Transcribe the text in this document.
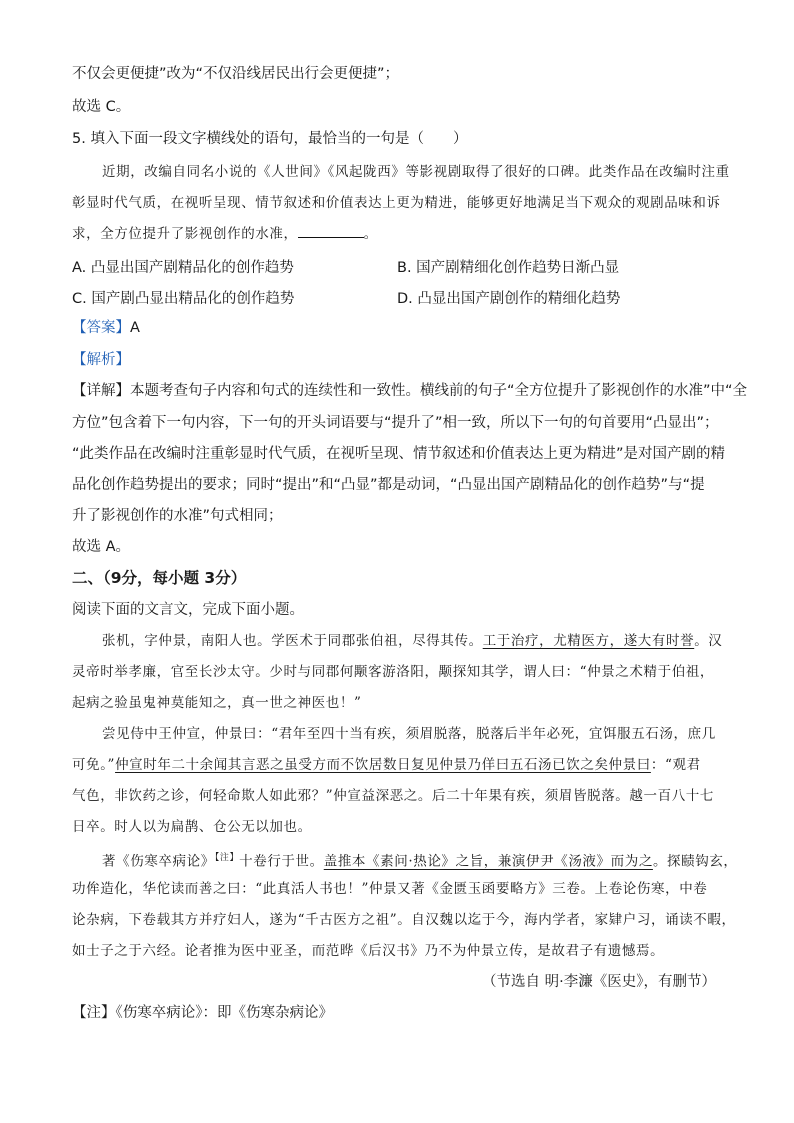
不仅会更便捷”改为“不仅沿线居民出行会更便捷”；
故选 C。
5. 填入下面一段文字横线处的语句，最恰当的一句是（　　）
近期，改编自同名小说的《人世间》《风起陇西》等影视剧取得了很好的口碑。此类作品在改编时注重
彰显时代气质，在视听呈现、情节叙述和价值表达上更为精进，能够更好地满足当下观众的观剧品味和诉
求，全方位提升了影视创作的水准，	。
A. 凸显出国产剧精品化的创作趋势	B. 国产剧精细化创作趋势日渐凸显
C. 国产剧凸显出精品化的创作趋势	D. 凸显出国产剧创作的精细化趋势
【答案】A
【解析】
【详解】本题考查句子内容和句式的连续性和一致性。横线前的句子“全方位提升了影视创作的水准”中“全
方位”包含着下一句内容，下一句的开头词语要与“提升了”相一致，所以下一句的句首要用“凸显出”；
“此类作品在改编时注重彰显时代气质，在视听呈现、情节叙述和价值表达上更为精进”是对国产剧的精
品化创作趋势提出的要求；同时“提出”和“凸显”都是动词，“凸显出国产剧精品化的创作趋势”与“提
升了影视创作的水准”句式相同；
故选 A。
二、（9分，每小题 3分）
阅读下面的文言文，完成下面小题。
张机，字仲景，南阳人也。学医术于同郡张伯祖，尽得其传。工于治疗，尤精医方，遂大有时誉。汉
灵帝时举孝廉，官至长沙太守。少时与同郡何颙客游洛阳，颙探知其学，谓人曰：“仲景之术精于伯祖，
起病之验虽鬼神莫能知之，真一世之神医也！”
尝见侍中王仲宣，仲景曰：“君年至四十当有疾，须眉脱落，脱落后半年必死，宜饵服五石汤，庶几
可免。”仲宣时年二十余闻其言恶之虽受方而不饮居数日复见仲景乃佯曰五石汤已饮之矣仲景曰：“观君
气色，非饮药之诊，何轻命欺人如此邪？”仲宣益深恶之。后二十年果有疾，须眉皆脱落。越一百八十七
日卒。时人以为扁鹊、仓公无以加也。
著《伤寒卒病论》$^{【注】}$十卷行于世。盖推本《素问·热论》之旨，兼演伊尹《汤液》而为之。探赜钩玄，
功侔造化，华佗读而善之曰：“此真活人书也！”仲景又著《金匮玉函要略方》三卷。上卷论伤寒，中卷
论杂病，下卷载其方并疗妇人，遂为“千古医方之祖”。自汉魏以迄于今，海内学者，家肄户习，诵读不暇，
如士子之于六经。论者推为医中亚圣，而范晔《后汉书》乃不为仲景立传，是故君子有遗憾焉。
（节选自 明·李濂《医史》，有删节）
【注】《伤寒卒病论》：即《伤寒杂病论》
